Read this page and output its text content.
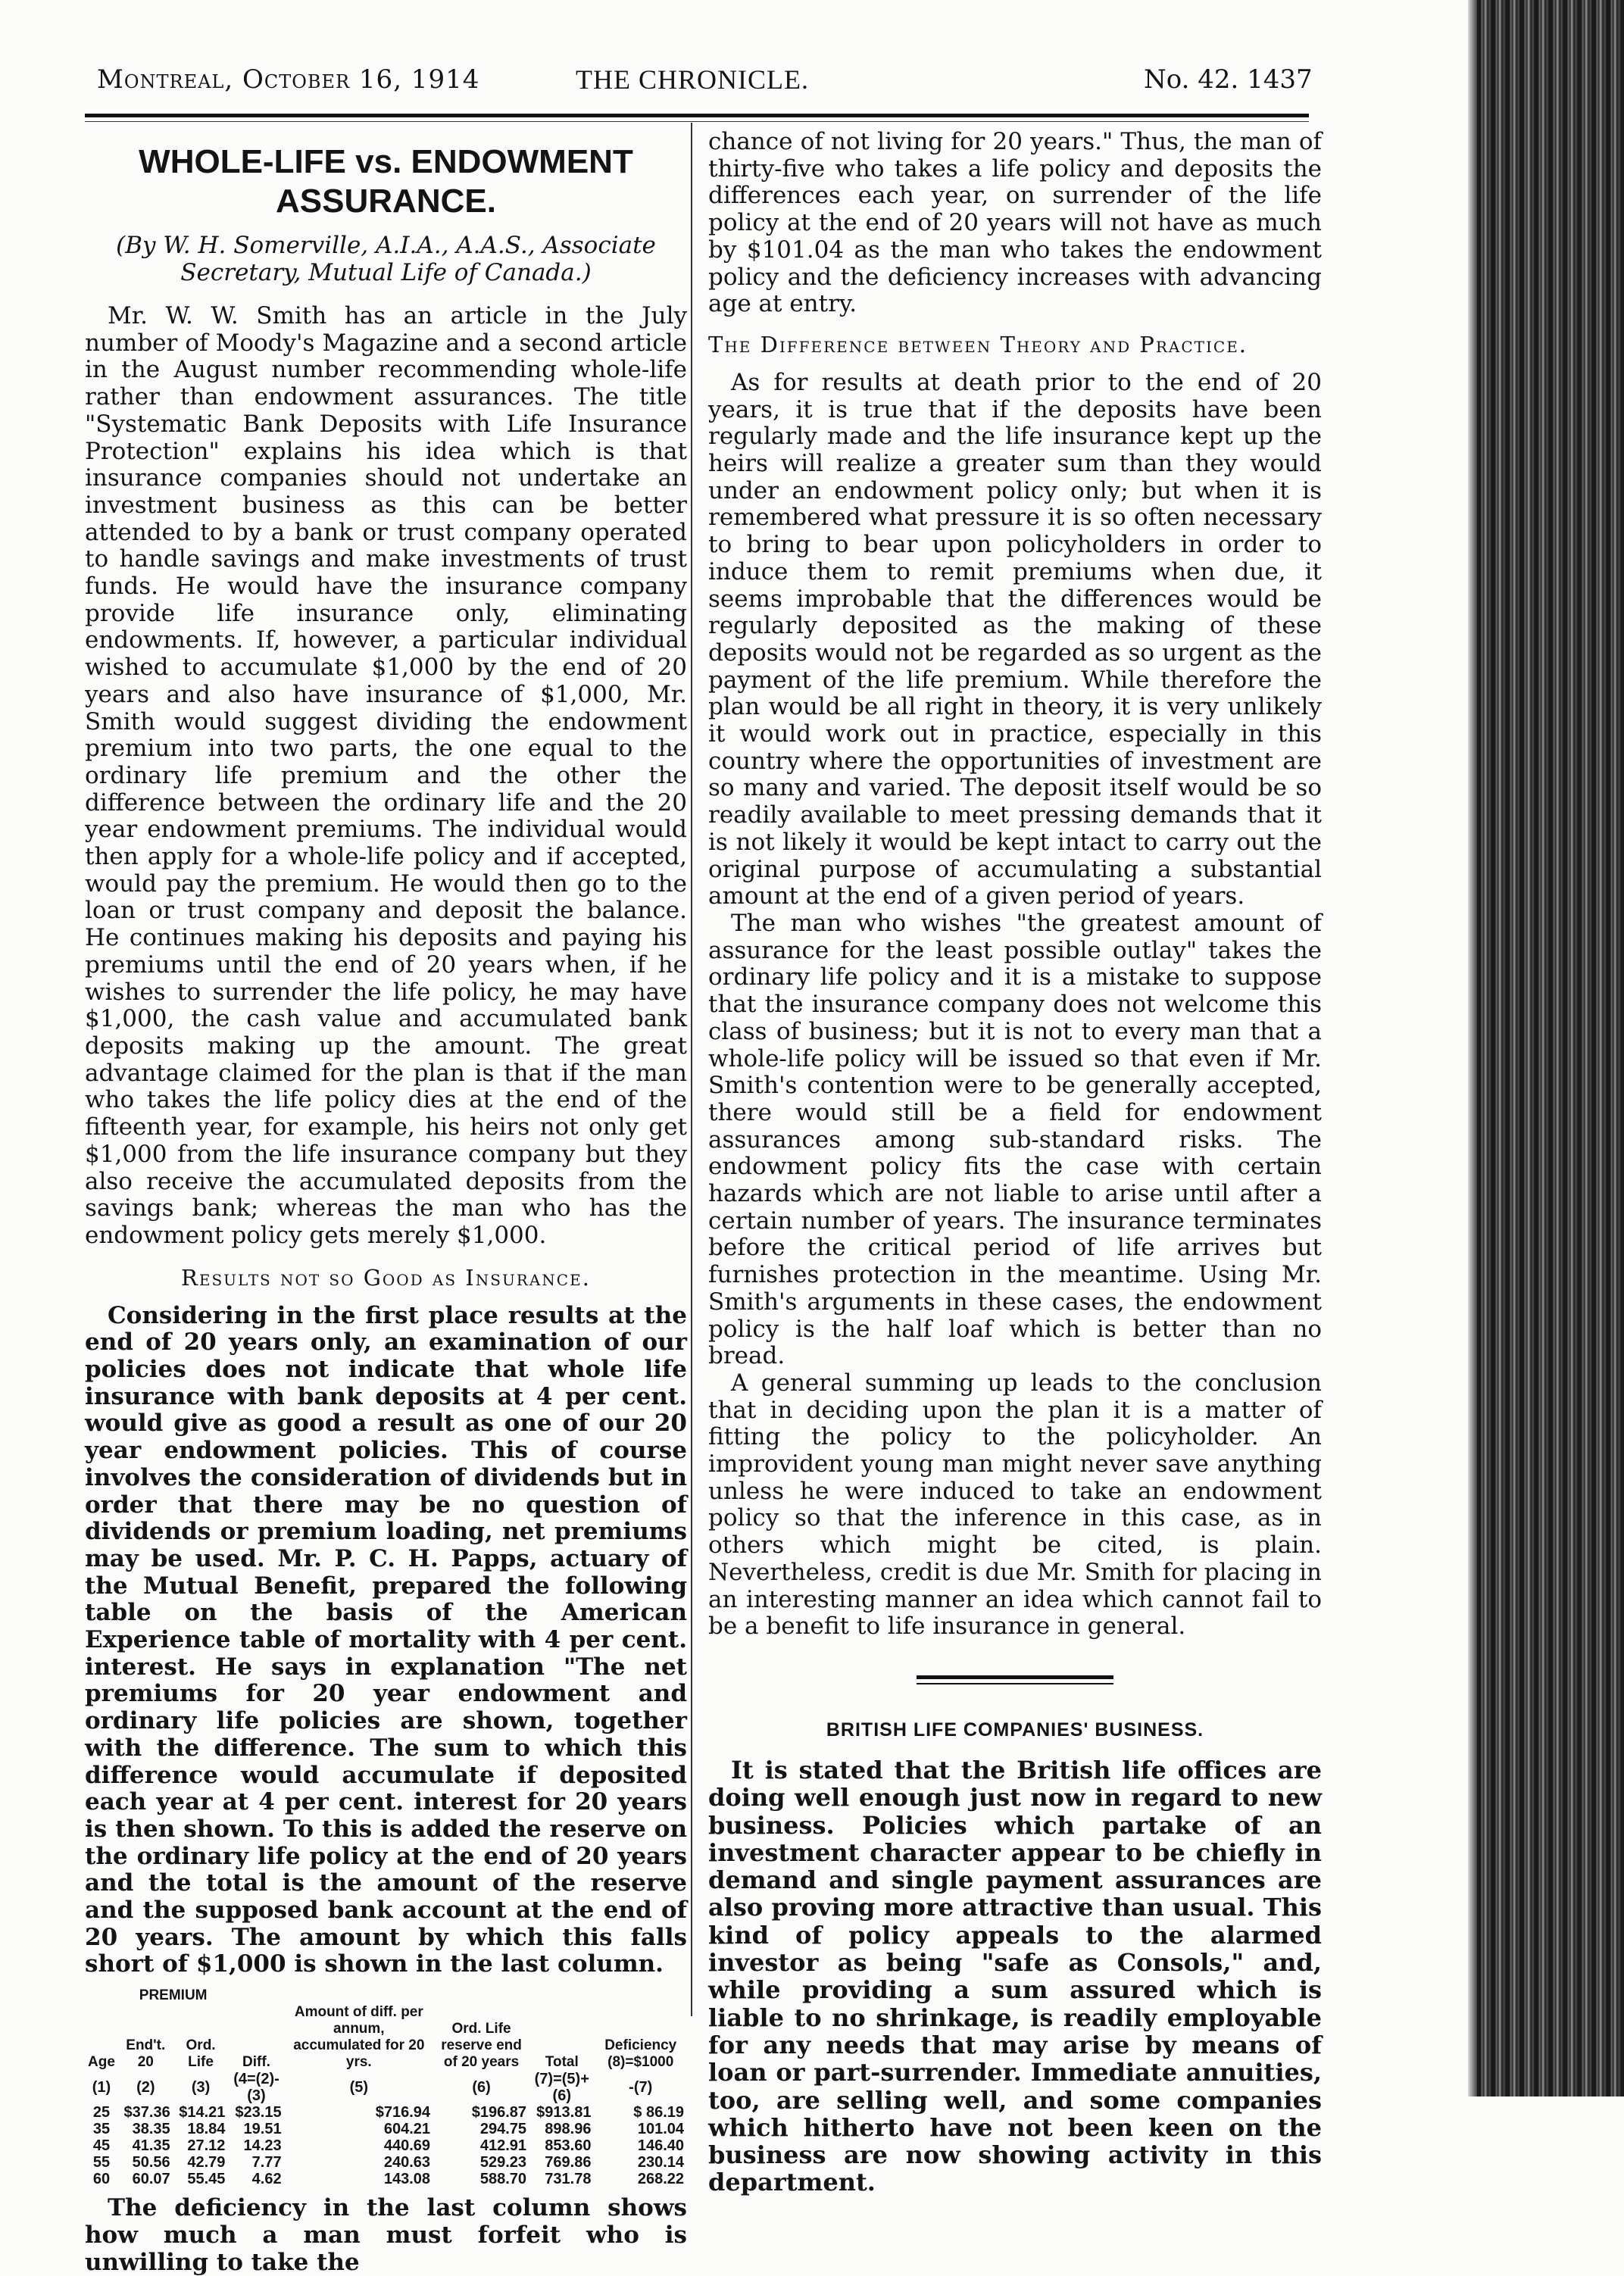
Montreal, October 16, 1914	THE CHRONICLE.	No. 42. 1437
WHOLE-LIFE vs. ENDOWMENT
ASSURANCE.
(By W. H. Somerville, A.I.A., A.A.S., Associate Secretary, Mutual Life of Canada.)

Mr. W. W. Smith has an article in the July number of Moody's Magazine and a second article in the August number recommending whole-life rather than endowment assurances. The title "Systematic Bank Deposits with Life Insurance Protection" explains his idea which is that insurance companies should not undertake an investment business as this can be better attended to by a bank or trust company operated to handle savings and make investments of trust funds. He would have the insurance company provide life insurance only, eliminating endowments. If, however, a particular individual wished to accumulate $1,000 by the end of 20 years and also have insurance of $1,000, Mr. Smith would suggest dividing the endowment premium into two parts, the one equal to the ordinary life premium and the other the difference between the ordinary life and the 20 year endowment premiums. The individual would then apply for a whole-life policy and if accepted, would pay the premium. He would then go to the loan or trust company and deposit the balance. He continues making his deposits and paying his premiums until the end of 20 years when, if he wishes to surrender the life policy, he may have $1,000, the cash value and accumulated bank deposits making up the amount. The great advantage claimed for the plan is that if the man who takes the life policy dies at the end of the fifteenth year, for example, his heirs not only get $1,000 from the life insurance company but they also receive the accumulated deposits from the savings bank; whereas the man who has the endowment policy gets merely $1,000.

Results not so Good as Insurance.

Considering in the first place results at the end of 20 years only, an examination of our policies does not indicate that whole life insurance with bank deposits at 4 per cent. would give as good a result as one of our 20 year endowment policies. This of course involves the consideration of dividends but in order that there may be no question of dividends or premium loading, net premiums may be used. Mr. P. C. H. Papps, actuary of the Mutual Benefit, prepared the following table on the basis of the American Experience table of mortality with 4 per cent. interest. He says in explanation "The net premiums for 20 year endowment and ordinary life policies are shown, together with the difference. The sum to which this difference would accumulate if deposited each year at 4 per cent. interest for 20 years is then shown. To this is added the reserve on the ordinary life policy at the end of 20 years and the total is the amount of the reserve and the supposed bank account at the end of 20 years. The amount by which this falls short of $1,000 is shown in the last column.

	PREMIUM						
Age	End't. 20	Ord. Life	Diff.	Amount of diff. per annum, accumulated for 20 yrs.	Ord. Life reserve end of 20 years	Total	Deficiency (8)=$1000
(1)	(2)	(3)	(4=(2)-(3)	(5)	(6)	(7)=(5)+(6)	-(7)
25	$37.36	$14.21	$23.15	$716.94	$196.87	$913.81	$ 86.19
35	38.35	18.84	19.51	604.21	294.75	898.96	101.04
45	41.35	27.12	14.23	440.69	412.91	853.60	146.40
55	50.56	42.79	7.77	240.63	529.23	769.86	230.14
60	60.07	55.45	4.62	143.08	588.70	731.78	268.22

The deficiency in the last column shows how much a man must forfeit who is unwilling to take the

chance of not living for 20 years." Thus, the man of thirty-five who takes a life policy and deposits the differences each year, on surrender of the life policy at the end of 20 years will not have as much by $101.04 as the man who takes the endowment policy and the deficiency increases with advancing age at entry.

The Difference between Theory and Practice.

As for results at death prior to the end of 20 years, it is true that if the deposits have been regularly made and the life insurance kept up the heirs will realize a greater sum than they would under an endowment policy only; but when it is remembered what pressure it is so often necessary to bring to bear upon policyholders in order to induce them to remit premiums when due, it seems improbable that the differences would be regularly deposited as the making of these deposits would not be regarded as so urgent as the payment of the life premium. While therefore the plan would be all right in theory, it is very unlikely it would work out in practice, especially in this country where the opportunities of investment are so many and varied. The deposit itself would be so readily available to meet pressing demands that it is not likely it would be kept intact to carry out the original purpose of accumulating a substantial amount at the end of a given period of years.

The man who wishes "the greatest amount of assurance for the least possible outlay" takes the ordinary life policy and it is a mistake to suppose that the insurance company does not welcome this class of business; but it is not to every man that a whole-life policy will be issued so that even if Mr. Smith's contention were to be generally accepted, there would still be a field for endowment assurances among sub-standard risks. The endowment policy fits the case with certain hazards which are not liable to arise until after a certain number of years. The insurance terminates before the critical period of life arrives but furnishes protection in the meantime. Using Mr. Smith's arguments in these cases, the endowment policy is the half loaf which is better than no bread.

A general summing up leads to the conclusion that in deciding upon the plan it is a matter of fitting the policy to the policyholder. An improvident young man might never save anything unless he were induced to take an endowment policy so that the inference in this case, as in others which might be cited, is plain. Nevertheless, credit is due Mr. Smith for placing in an interesting manner an idea which cannot fail to be a benefit to life insurance in general.

BRITISH LIFE COMPANIES' BUSINESS.

It is stated that the British life offices are doing well enough just now in regard to new business. Policies which partake of an investment character appear to be chiefly in demand and single payment assurances are also proving more attractive than usual. This kind of policy appeals to the alarmed investor as being "safe as Consols," and, while providing a sum assured which is liable to no shrinkage, is readily employable for any needs that may arise by means of loan or part-surrender. Immediate annuities, too, are selling well, and some companies which hitherto have not been keen on the business are now showing activity in this department.
